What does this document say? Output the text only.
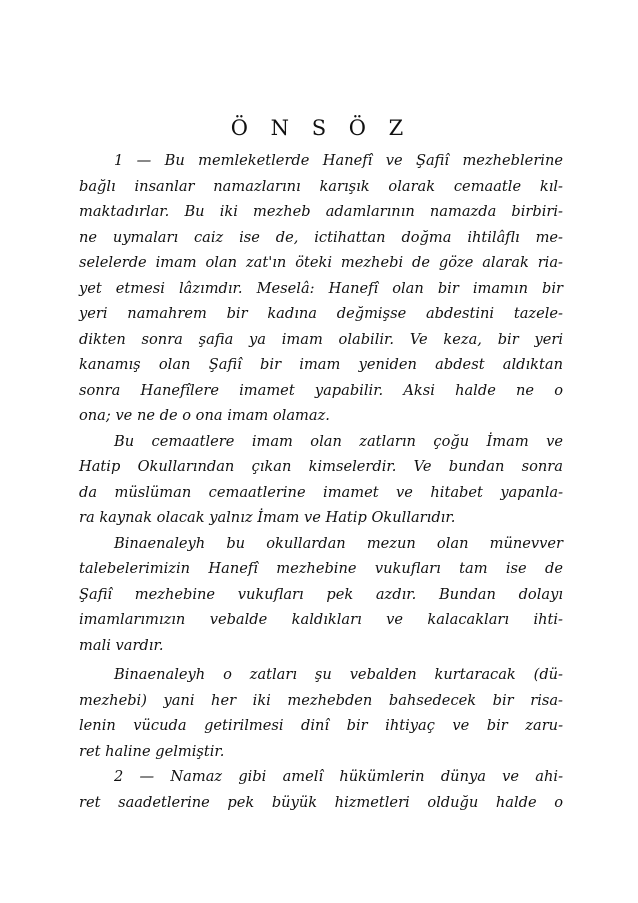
Ö N S Ö Z
1 — Bu memleketlerde Hanefî ve Şafiî mezheblerine
bağlı insanlar namazlarını karışık olarak cemaatle kıl-
maktadırlar. Bu iki mezheb adamlarının namazda birbiri-
ne uymaları caiz ise de, ictihattan doğma ihtilâflı me-
selelerde imam olan zat'ın öteki mezhebi de göze alarak ria-
yet etmesi lâzımdır. Meselâ: Hanefî olan bir imamın bir
yeri namahrem bir kadına değmişse abdestini tazele-
dikten sonra şafia ya imam olabilir. Ve keza, bir yeri
kanamış olan Şafiî bir imam yeniden abdest aldıktan
sonra Hanefîlere imamet yapabilir. Aksi halde ne o
ona; ve ne de o ona imam olamaz.
Bu cemaatlere imam olan zatların çoğu İmam ve
Hatip Okullarından çıkan kimselerdir. Ve bundan sonra
da müslüman cemaatlerine imamet ve hitabet yapanla-
ra kaynak olacak yalnız İmam ve Hatip Okullarıdır.
Binaenaleyh bu okullardan mezun olan münevver
talebelerimizin Hanefî mezhebine vukufları tam ise de
Şafiî mezhebine vukufları pek azdır. Bundan dolayı
imamlarımızın vebalde kaldıkları ve kalacakları ihti-
mali vardır.
Binaenaleyh o zatları şu vebalden kurtaracak (dü-
mezhebi) yani her iki mezhebden bahsedecek bir risa-
lenin vücuda getirilmesi dinî bir ihtiyaç ve bir zaru-
ret haline gelmiştir.
2 — Namaz gibi amelî hükümlerin dünya ve ahi-
ret saadetlerine pek büyük hizmetleri olduğu halde o
